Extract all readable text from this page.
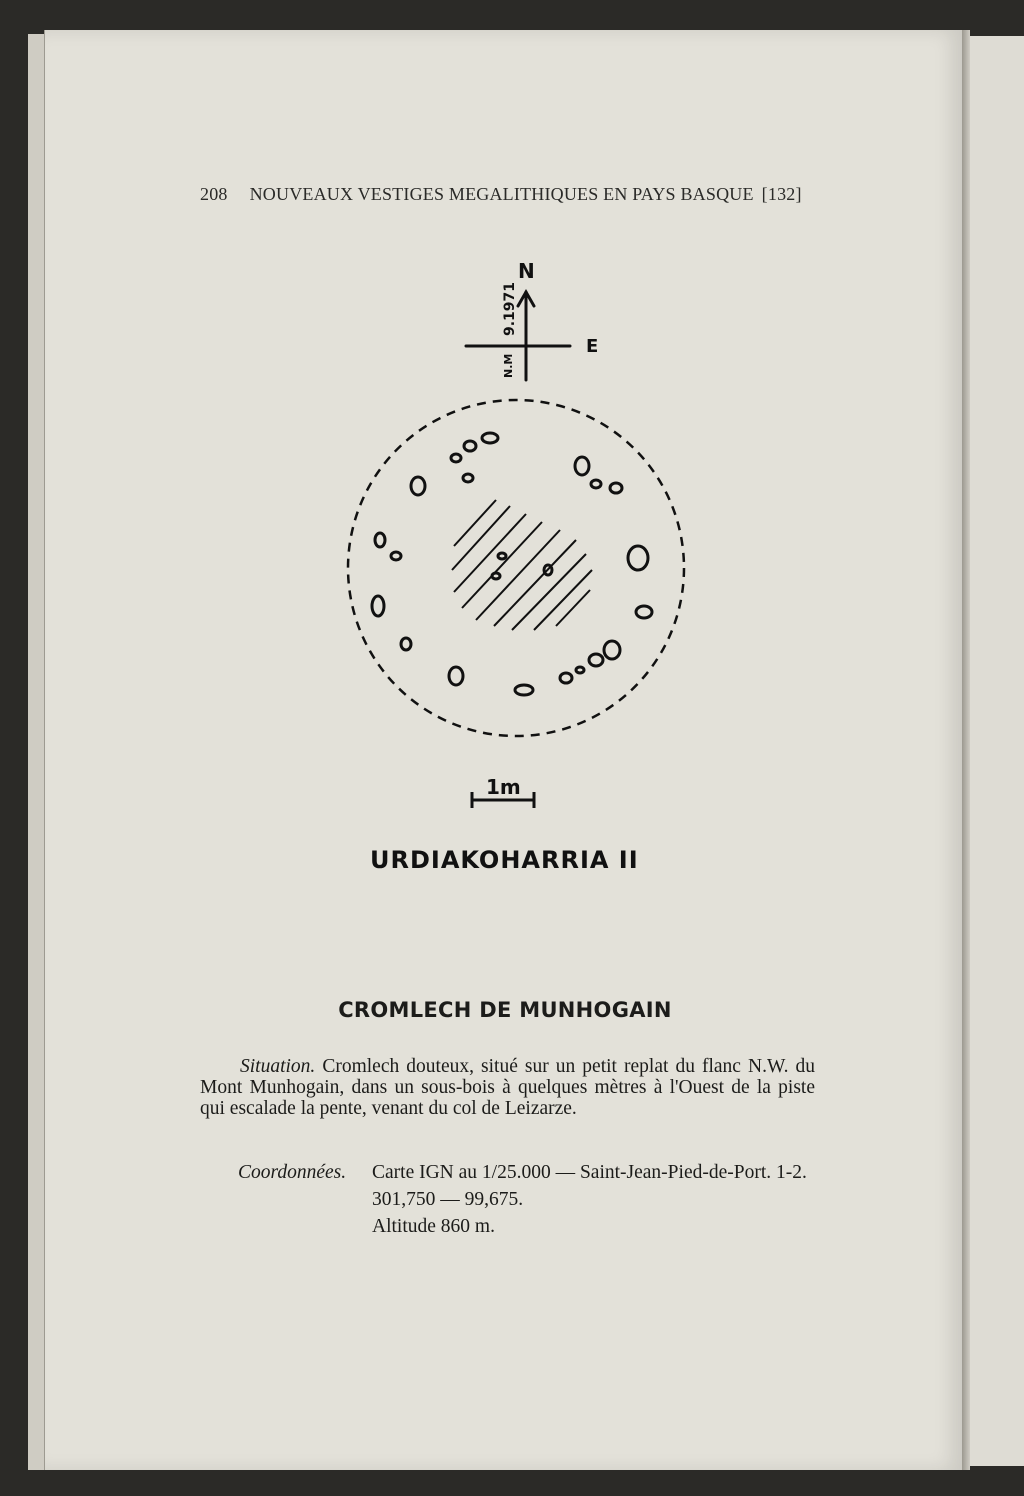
208 NOUVEAUX VESTIGES MEGALITHIQUES EN PAYS BASQUE [132]
N
E
N.M
9.1971
1m
URDIAKOHARRIA II
CROMLECH DE MUNHOGAIN
Situation. Cromlech douteux, situé sur un petit replat du flanc N.W. du Mont Munhogain, dans un sous-bois à quelques mètres à l'Ouest de la piste qui escalade la pente, venant du col de Leizarze.
Coordonnées. Carte IGN au 1/25.000 — Saint-Jean-Pied-de-Port. 1-2.
301,750 — 99,675.
Altitude 860 m.
